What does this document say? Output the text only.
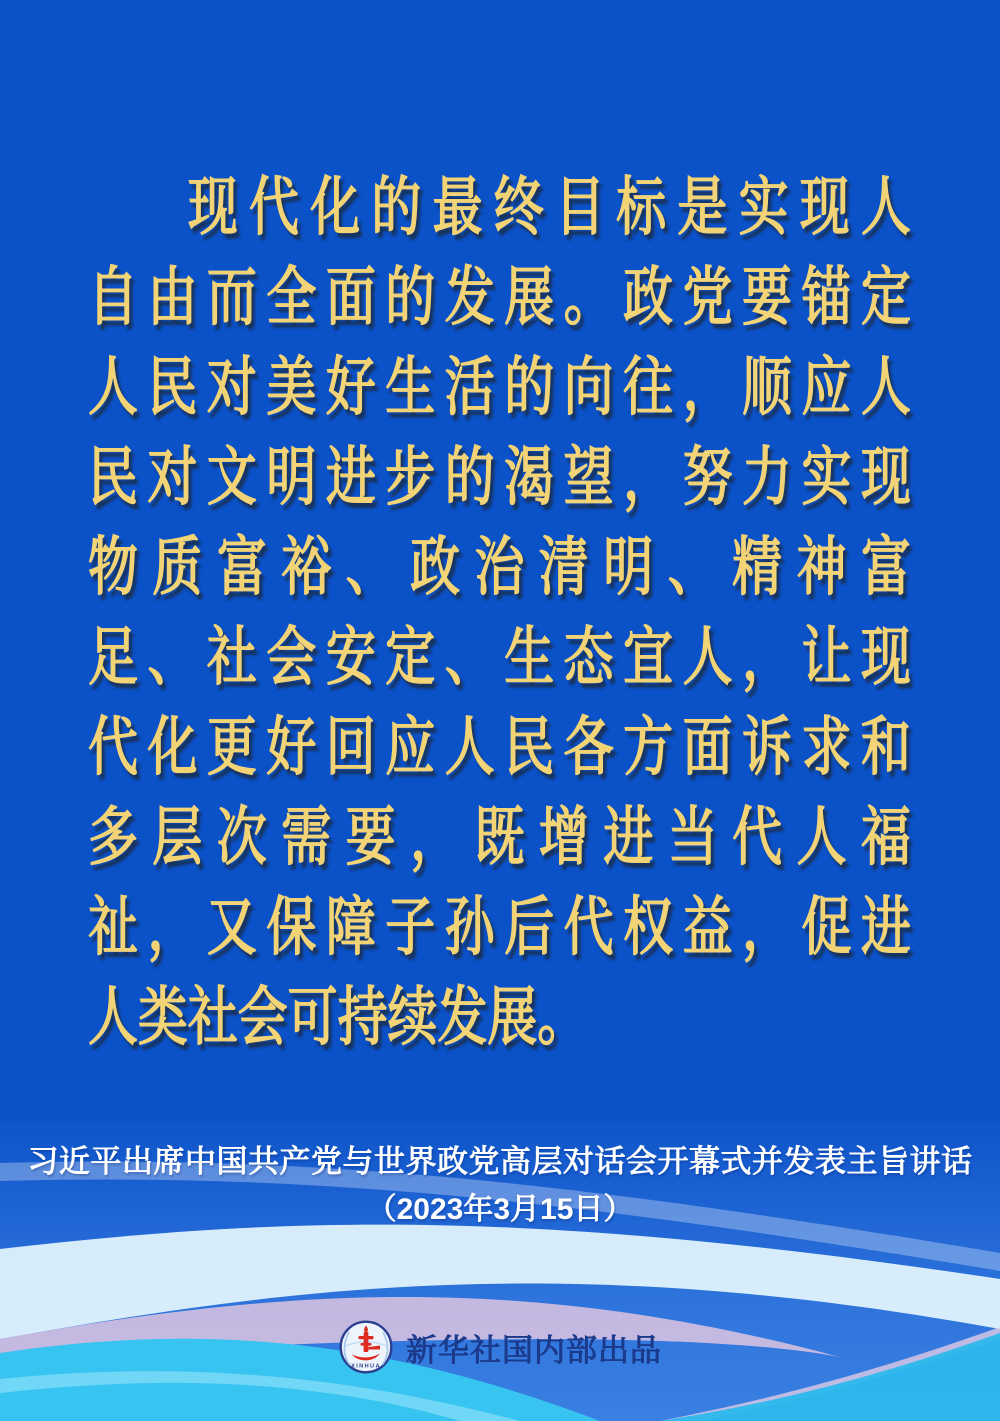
现代化的最终目标是实现人
自由而全面的发展。政党要锚定
人民对美好生活的向往，顺应人
民对文明进步的渴望，努力实现
物质富裕、政治清明、精神富
足、社会安定、生态宜人，让现
代化更好回应人民各方面诉求和
多层次需要，既增进当代人福
祉，又保障子孙后代权益，促进
人类社会可持续发展。
习近平出席中国共产党与世界政党高层对话会开幕式并发表主旨讲话
（2023年3月15日）
XINHUA 新华社国内部出品
